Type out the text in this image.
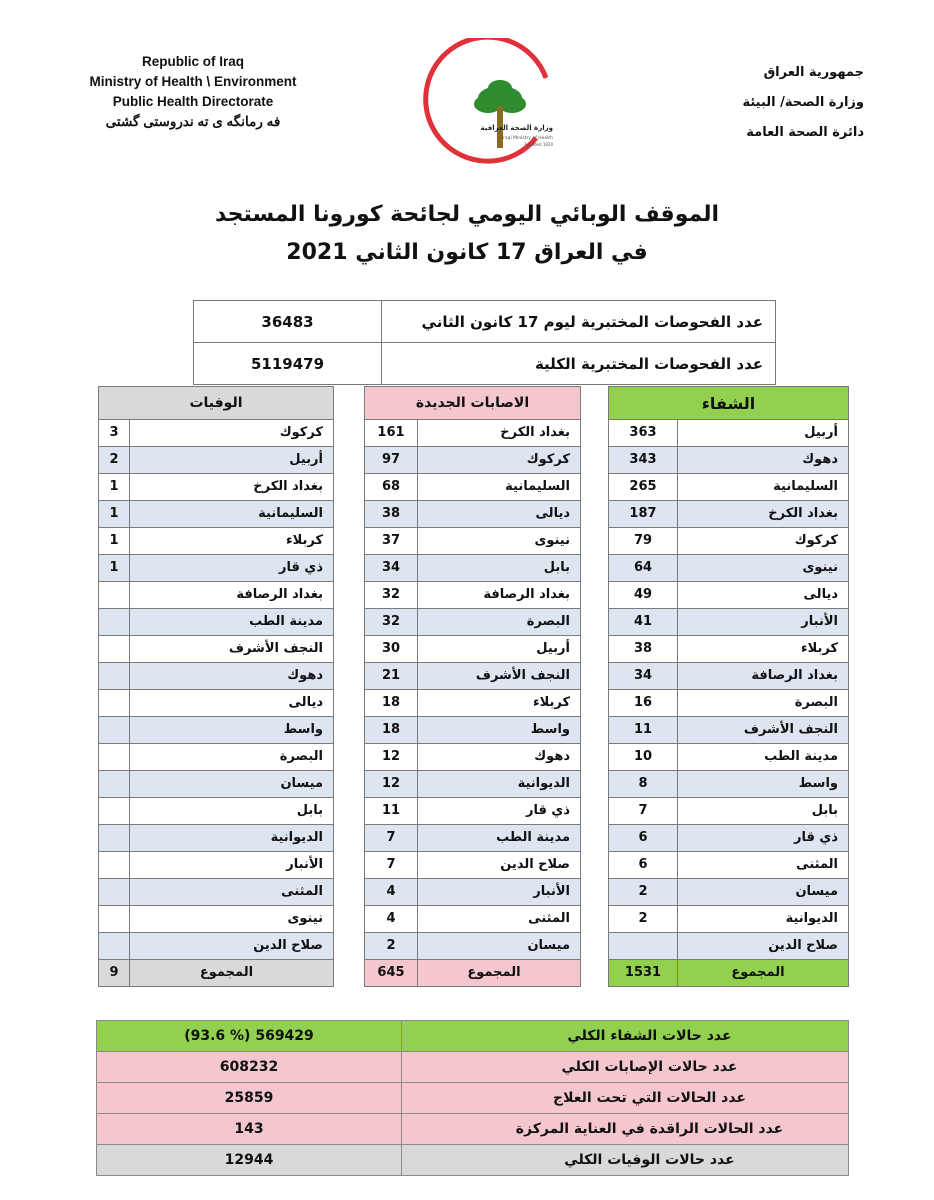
Republic of Iraq
Ministry of Health \ Environment
Public Health Directorate
فه رمانگه ی ته ندروستی گشتی	وزارة الصحة العراقية
Iraqi Ministry of Health
Founded 1920
جمهورية العراق
وزارة الصحة/ البيئة
دائرة الصحة العامة
الموقف الوبائي اليومي لجائحة كورونا المستجد
في العراق 17 كانون الثاني 2021
36483	عدد الفحوصات المختبرية ليوم 17 كانون الثاني
5119479	عدد الفحوصات المختبرية الكلية
الوفيات	
3	كركوك
2	أربيل
1	بغداد الكرخ
1	السليمانية
1	كربلاء
1	ذي قار
	بغداد الرصافة
	مدينة الطب
	النجف الأشرف
	دهوك
	ديالى
	واسط
	البصرة
	ميسان
	بابل
	الديوانية
	الأنبار
	المثنى
	نينوى
	صلاح الدين
9	المجموع
الاصابات الجديدة	
161	بغداد الكرخ
97	كركوك
68	السليمانية
38	ديالى
37	نينوى
34	بابل
32	بغداد الرصافة
32	البصرة
30	أربيل
21	النجف الأشرف
18	كربلاء
18	واسط
12	دهوك
12	الديوانية
11	ذي قار
7	مدينة الطب
7	صلاح الدين
4	الأنبار
4	المثنى
2	ميسان
645	المجموع
الشفاء	
363	أربيل
343	دهوك
265	السليمانية
187	بغداد الكرخ
79	كركوك
64	نينوى
49	ديالى
41	الأنبار
38	كربلاء
34	بغداد الرصافة
16	البصرة
11	النجف الأشرف
10	مدينة الطب
8	واسط
7	بابل
6	ذي قار
6	المثنى
2	ميسان
2	الديوانية
	صلاح الدين
1531	المجموع
(93.6 %) 569429	عدد حالات الشفاء الكلي
608232	عدد حالات الإصابات الكلي
25859	عدد الحالات التي تحت العلاج
143	عدد الحالات الراقدة في العناية المركزة
12944	عدد حالات الوفيات الكلي
